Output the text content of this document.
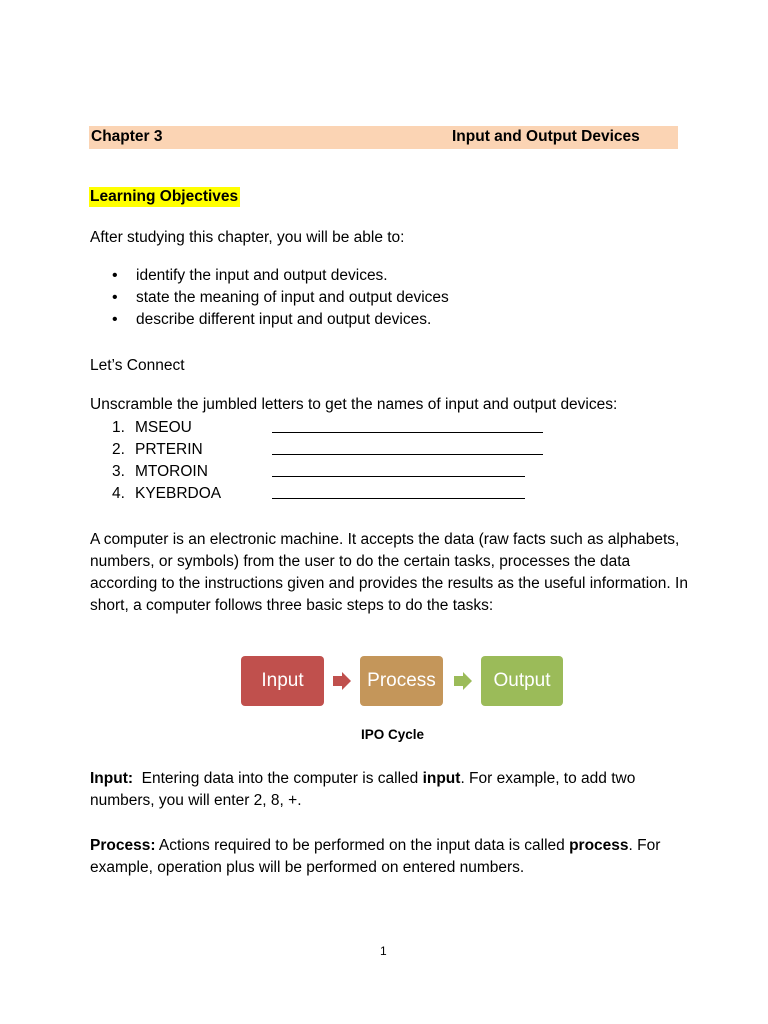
Chapter 3	Input and Output Devices
Learning Objectives
After studying this chapter, you will be able to:
• identify the input and output devices.
• state the meaning of input and output devices
• describe different input and output devices.
Let’s Connect
Unscramble the jumbled letters to get the names of input and output devices:
1. MSEOU
2. PRTERIN
3. MTOROIN
4. KYEBRDOA
A computer is an electronic machine. It accepts the data (raw facts such as alphabets, numbers, or symbols) from the user to do the certain tasks, processes the data according to the instructions given and provides the results as the useful information. In short, a computer follows three basic steps to do the tasks:
Input	Process	Output
IPO Cycle
Input: Entering data into the computer is called input. For example, to add two numbers, you will enter 2, 8, +.
Process: Actions required to be performed on the input data is called process. For example, operation plus will be performed on entered numbers.
1
